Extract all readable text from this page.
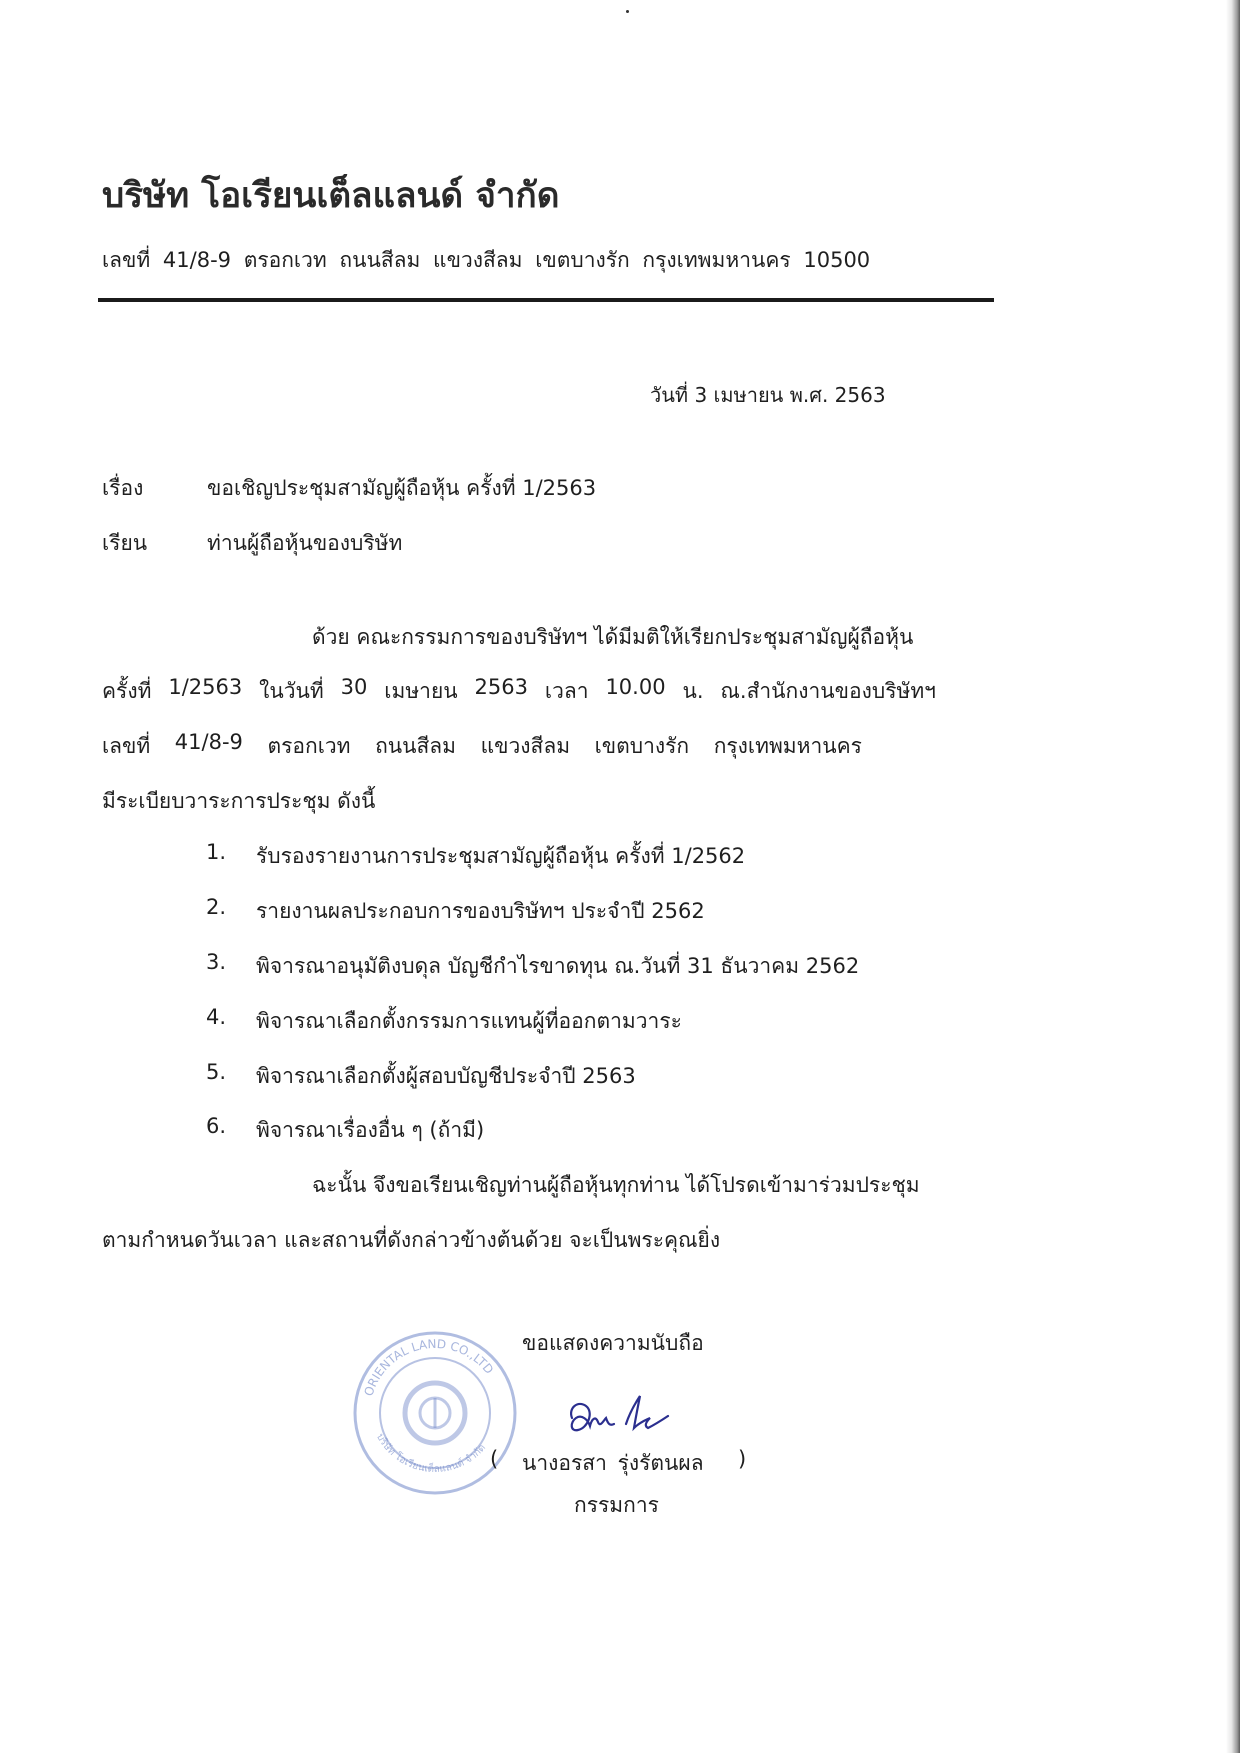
บริษัท โอเรียนเต็ลแลนด์ จำกัด
เลขที่ 41/8-9 ตรอกเวท ถนนสีลม แขวงสีลม เขตบางรัก กรุงเทพมหานคร 10500
วันที่ 3 เมษายน พ.ศ. 2563
เรื่อง	ขอเชิญประชุมสามัญผู้ถือหุ้น ครั้งที่ 1/2563
เรียน	ท่านผู้ถือหุ้นของบริษัท
ด้วย คณะกรรมการของบริษัทฯ ได้มีมติให้เรียกประชุมสามัญผู้ถือหุ้น
ครั้งที่ 1/2563 ในวันที่ 30 เมษายน 2563 เวลา 10.00 น. ณ.สำนักงานของบริษัทฯ
เลขที่ 41/8-9 ตรอกเวท ถนนสีลม แขวงสีลม เขตบางรัก กรุงเทพมหานคร
มีระเบียบวาระการประชุม ดังนี้
1. รับรองรายงานการประชุมสามัญผู้ถือหุ้น ครั้งที่ 1/2562
2. รายงานผลประกอบการของบริษัทฯ ประจำปี 2562
3. พิจารณาอนุมัติงบดุล บัญชีกำไรขาดทุน ณ.วันที่ 31 ธันวาคม 2562
4. พิจารณาเลือกตั้งกรรมการแทนผู้ที่ออกตามวาระ
5. พิจารณาเลือกตั้งผู้สอบบัญชีประจำปี 2563
6. พิจารณาเรื่องอื่น ๆ (ถ้ามี)
ฉะนั้น จึงขอเรียนเชิญท่านผู้ถือหุ้นทุกท่าน ได้โปรดเข้ามาร่วมประชุม
ตามกำหนดวันเวลา และสถานที่ดังกล่าวข้างต้นด้วย จะเป็นพระคุณยิ่ง
ขอแสดงความนับถือ
ORIENTAL LAND CO.,LTD
บริษัท โอเรียนเต็ลแลนด์ จำกัด ( นางอรสา รุ่งรัตนผล )
กรรมการ
